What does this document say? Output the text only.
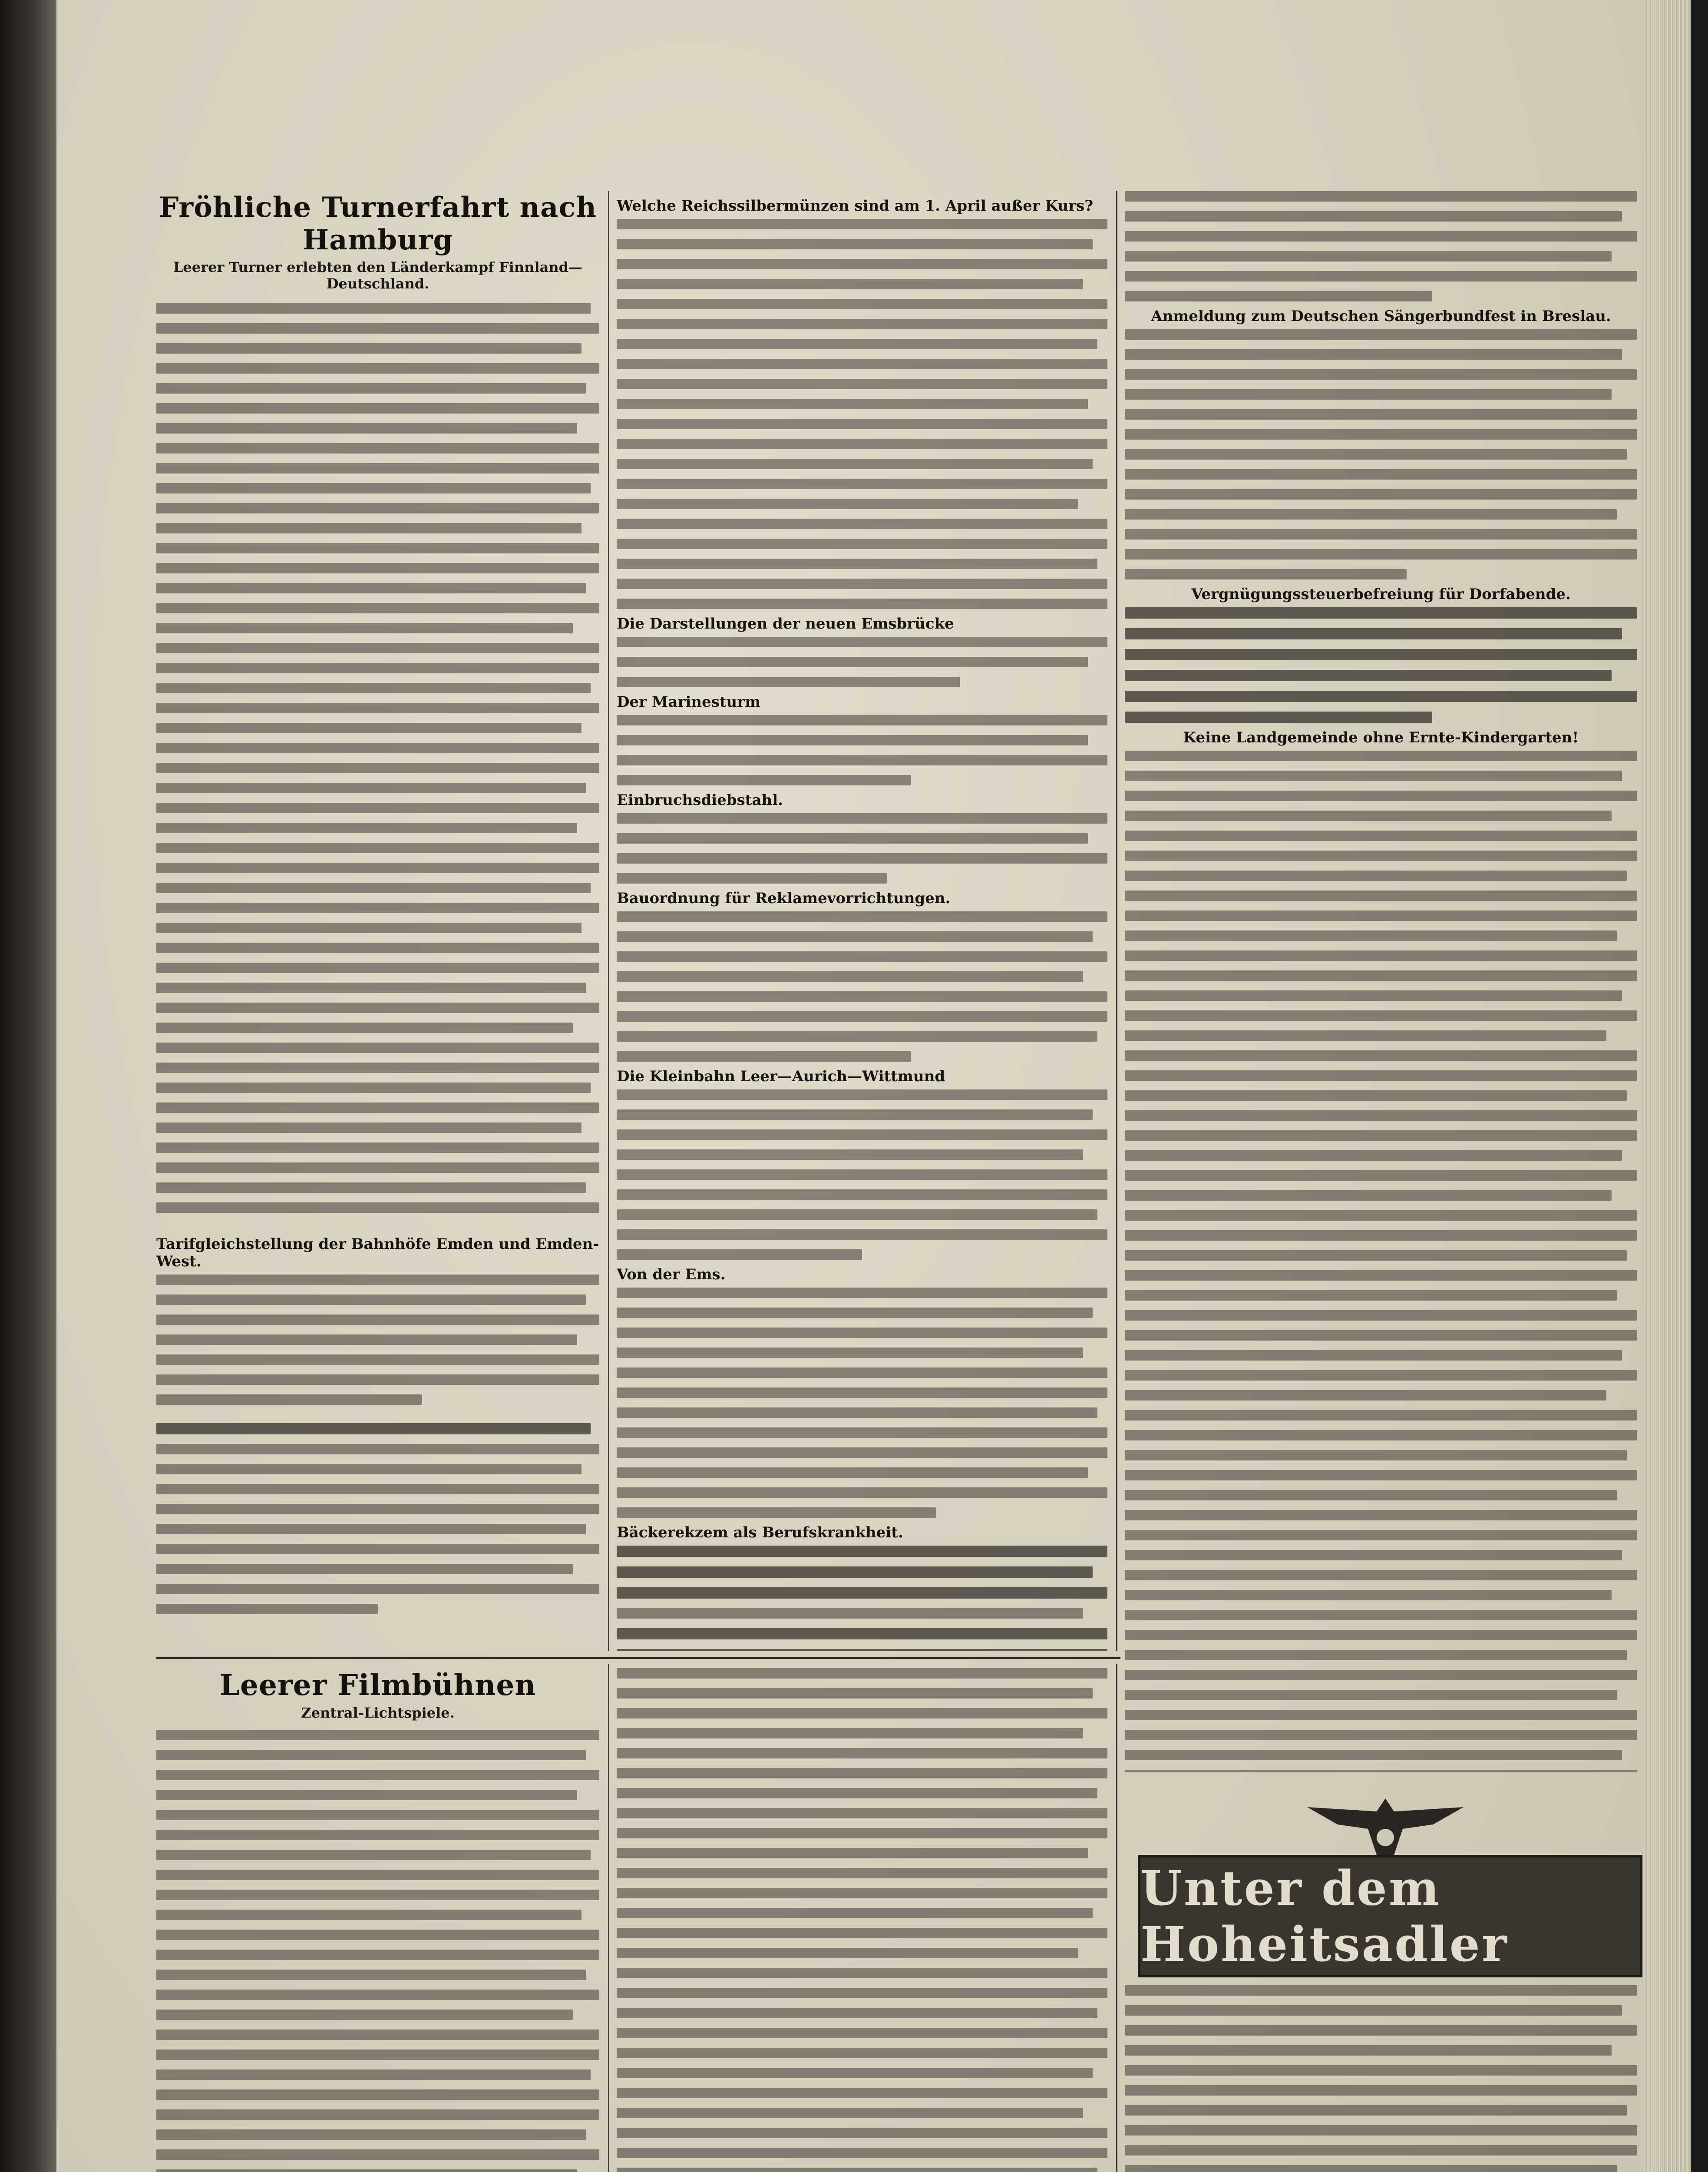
Fröhliche Turnerfahrt nach Hamburg
Leerer Turner erlebten den Länderkampf Finnland—Deutschland.
Tarifgleichstellung der Bahnhöfe Emden und Emden-West.
Welche Reichssilbermünzen sind am 1. April außer Kurs?
Die Darstellungen der neuen Emsbrücke
Der Marinesturm
Einbruchsdiebstahl.
Bauordnung für Reklamevorrichtungen.
Die Kleinbahn Leer—Aurich—Wittmund
Von der Ems.
Bäckerekzem als Berufskrankheit.
Anmeldung zum Deutschen Sängerbundfest in Breslau.
Vergnügungssteuerbefreiung für Dorfabende.
Keine Landgemeinde ohne Ernte-Kindergarten!
Leerer Filmbühnen
Zentral-Lichtspiele.
Unter dem Hoheitsadler
